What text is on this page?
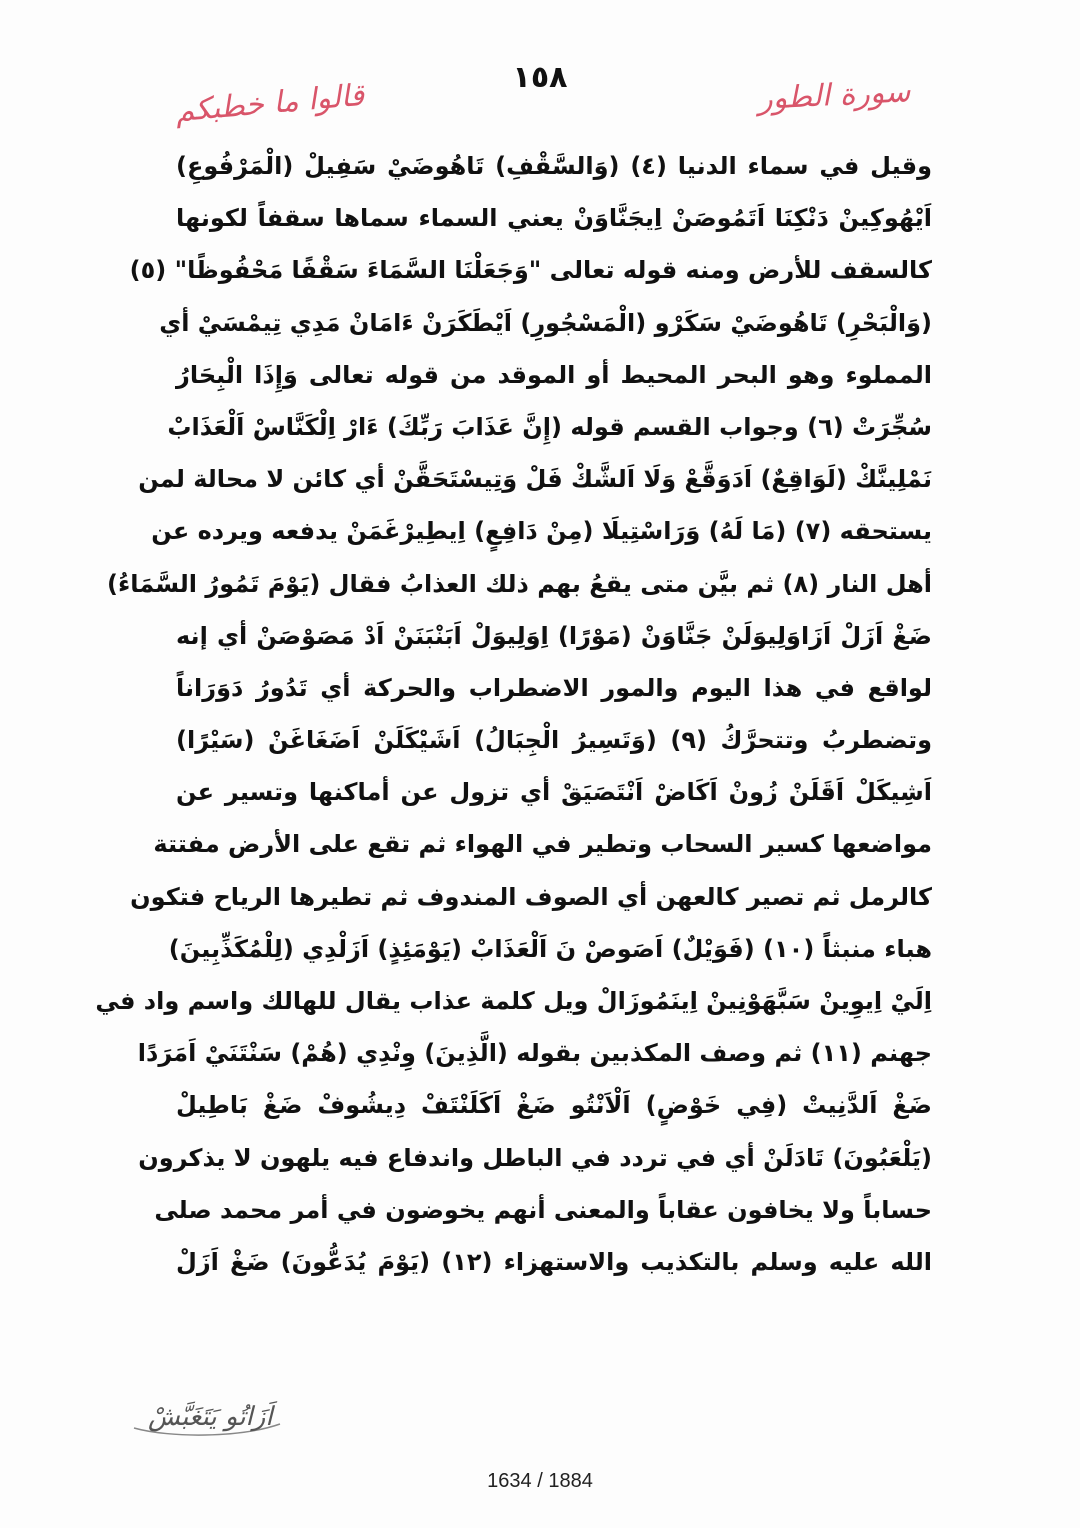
١٥٨	سورة الطور
قالوا ما خطبكم
وقيل في سماء الدنيا (٤) (وَالسَّقْفِ) تَاهُوضَيْ سَفِيلْ (الْمَرْفُوعِ)
اَيْهُوكِينْ دَنْكِنَا اَتَمُوصَنْ اِيجَنَّاوَنْ يعني السماء سماها سقفاً لكونها
كالسقف للأرض ومنه قوله تعالى "وَجَعَلْنَا السَّمَاءَ سَقْفًا مَحْفُوظًا" (٥)
(وَالْبَحْرِ) تَاهُوضَيْ سَكَرْو (الْمَسْجُورِ) اَيْطَكَرَنْ ءَامَانْ مَدِي تِيمْسَيْ أي
المملوء وهو البحر المحيط أو الموقد من قوله تعالى وَإِذَا الْبِحَارُ
سُجِّرَتْ (٦) وجواب القسم قوله (إِنَّ عَذَابَ رَبِّكَ) ءَارْ اِلْكَنَّاسْ اَلْعَذَابْ
نَمْلِينَّكْ (لَوَاقِعٌ) اَدَوَقَّعْ وَلَا اَلشَّكْ فَلْ وَتِيسْتَحَقَّنْ أي كائن لا محالة لمن
يستحقه (٧) (مَا لَهُ) وَرَاسْتِيلَا (مِنْ دَافِعٍ) اِيطِيرْغَمَنْ يدفعه ويرده عن
أهل النار (٨) ثم بيَّن متى يقعُ بهم ذلك العذابُ فقال (يَوْمَ تَمُورُ السَّمَاءُ)
ضَغْ اَزَلْ اَزَاوَلِيوَلَنْ جَنَّاوَنْ (مَوْرًا) اِوَلِيوَلْ اَبَنْبَنَنْ اَدْ مَصَوْصَنْ أي إنه
لواقع في هذا اليوم والمور الاضطراب والحركة أي تَدُورُ دَوَرَاناً
وتضطربُ وتتحرَّكُ (٩) (وَتَسِيرُ الْجِبَالُ) اَشَيْكَلَنْ اَضَغَاغَنْ (سَيْرًا)
اَشِيكَلْ اَقَلَنْ زُونْ اَكَاضْ اَنْتَصَيَقْ أي تزول عن أماكنها وتسير عن
مواضعها كسير السحاب وتطير في الهواء ثم تقع على الأرض مفتتة
كالرمل ثم تصير كالعهن أي الصوف المندوف ثم تطيرها الرياح فتكون
هباء منبثاً (١٠) (فَوَيْلٌ) اَصَوصْ نَ اَلْعَذَابْ (يَوْمَئِذٍ) اَزَلْدِي (لِلْمُكَذِّبِينَ)
اِلَيْ اِيوِينْ سَبَّهَوْنِينْ اِينَمُوزَالْ ويل كلمة عذاب يقال للهالك واسم واد في
جهنم (١١) ثم وصف المكذبين بقوله (الَّذِينَ) وِنْدِي (هُمْ) سَنْتَنَيْ اَمَرَدًا
ضَغْ اَلدَّنِيتْ (فِي خَوْضٍ) اَلْاَنْتُو ضَغْ اَكَلَنْتَفْ دِيشُوفْ ضَغْ بَاطِيلْ
(يَلْعَبُونَ) تَادَلَنْ أي في تردد في الباطل واندفاع فيه يلهون لا يذكرون
حساباً ولا يخافون عقاباً والمعنى أنهم يخوضون في أمر محمد صلى
الله عليه وسلم بالتكذيب والاستهزاء (١٢) (يَوْمَ يُدَعُّونَ) ضَغْ اَزَلْ
اَزَاتُو يَتَغَبَّشْ
1634 / 1884
